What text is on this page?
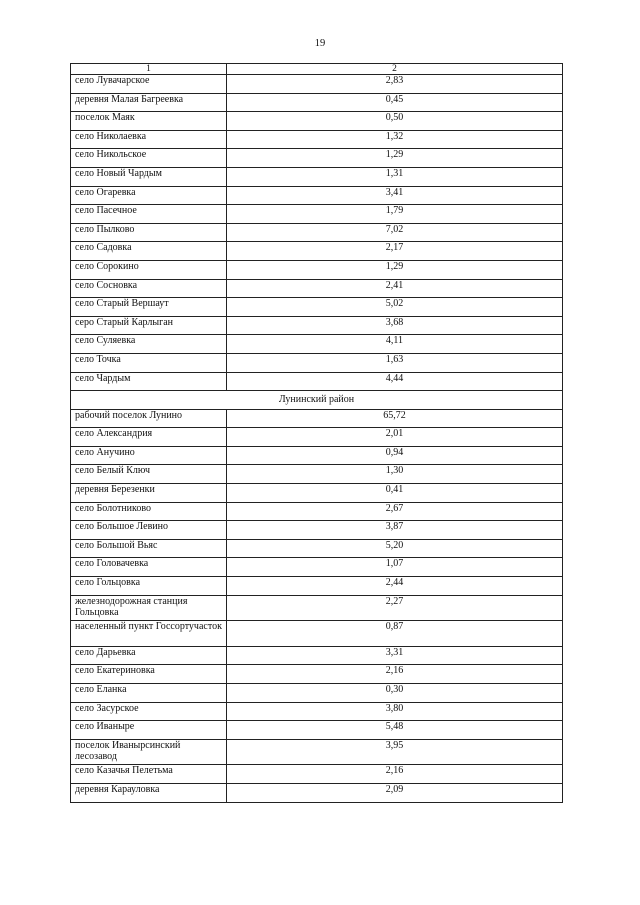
19
1	2
село Лувачарское	2,83
деревня Малая Багреевка	0,45
поселок Маяк	0,50
село Николаевка	1,32
село Никольское	1,29
село Новый Чардым	1,31
село Огаревка	3,41
село Пасечное	1,79
село Пылково	7,02
село Садовка	2,17
село Сорокино	1,29
село Сосновка	2,41
село Старый Вершаут	5,02
серо Старый Карлыган	3,68
село Суляевка	4,11
село Точка	1,63
село Чардым	4,44
Лунинский район	
рабочий поселок Лунино	65,72
село Александрия	2,01
село Анучино	0,94
село Белый Ключ	1,30
деревня Березенки	0,41
село Болотниково	2,67
село Большое Левино	3,87
село Большой Вьяс	5,20
село Головачевка	1,07
село Гольцовка	2,44
железнодорожная станция Гольцовка	2,27
населенный пункт Госсортучасток	0,87
село Дарьевка	3,31
село Екатериновка	2,16
село Еланка	0,30
село Засурское	3,80
село Иваныре	5,48
поселок Иванырсинский лесозавод	3,95
село Казачья Пелетьма	2,16
деревня Карауловка	2,09
